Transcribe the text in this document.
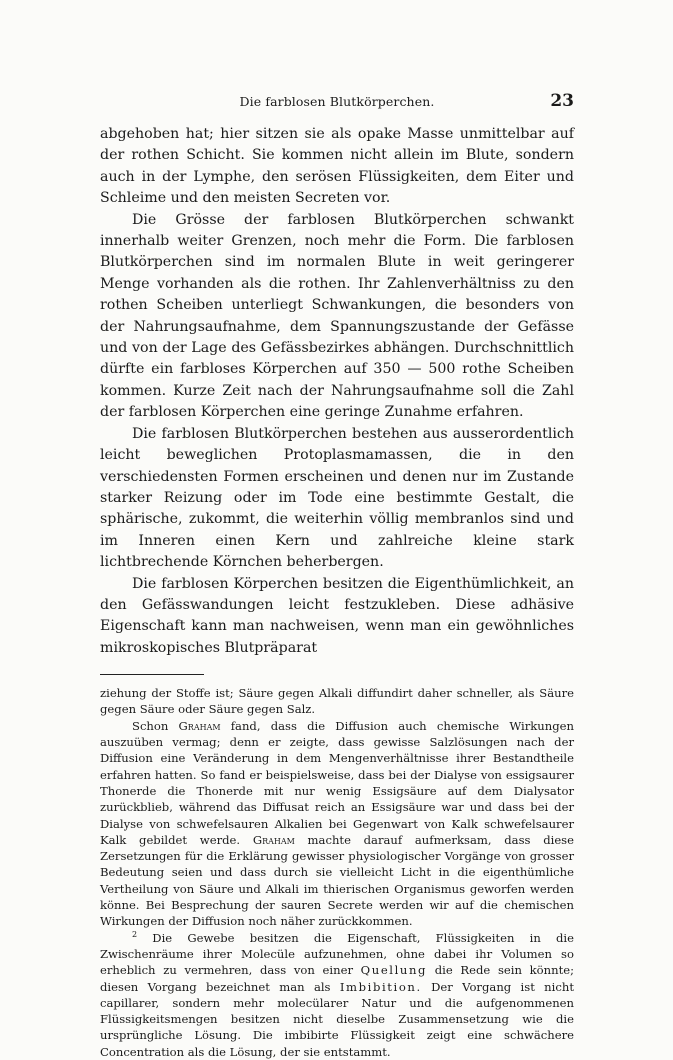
Die farblosen Blutkörperchen.	23

abgehoben hat; hier sitzen sie als opake Masse unmittelbar auf der rothen Schicht. Sie kommen nicht allein im Blute, sondern auch in der Lymphe, den serösen Flüssigkeiten, dem Eiter und Schleime und den meisten Secreten vor.

Die Grösse der farblosen Blutkörperchen schwankt innerhalb weiter Grenzen, noch mehr die Form. Die farblosen Blutkörperchen sind im normalen Blute in weit geringerer Menge vorhanden als die rothen. Ihr Zahlenverhältniss zu den rothen Scheiben unterliegt Schwankungen, die besonders von der Nahrungsaufnahme, dem Spannungszustande der Gefässe und von der Lage des Gefässbezirkes abhängen. Durchschnittlich dürfte ein farbloses Körperchen auf 350 — 500 rothe Scheiben kommen. Kurze Zeit nach der Nahrungsaufnahme soll die Zahl der farblosen Körperchen eine geringe Zunahme erfahren.

Die farblosen Blutkörperchen bestehen aus ausserordentlich leicht beweglichen Protoplasmamassen, die in den verschiedensten Formen erscheinen und denen nur im Zustande starker Reizung oder im Tode eine bestimmte Gestalt, die sphärische, zukommt, die weiterhin völlig membranlos sind und im Inneren einen Kern und zahlreiche kleine stark lichtbrechende Körnchen beherbergen.

Die farblosen Körperchen besitzen die Eigenthümlichkeit, an den Gefässwandungen leicht festzukleben. Diese adhäsive Eigenschaft kann man nachweisen, wenn man ein gewöhnliches mikroskopisches Blutpräparat

ziehung der Stoffe ist; Säure gegen Alkali diffundirt daher schneller, als Säure gegen Säure oder Säure gegen Salz.

Schon Graham fand, dass die Diffusion auch chemische Wirkungen auszuüben vermag; denn er zeigte, dass gewisse Salzlösungen nach der Diffusion eine Veränderung in dem Mengenverhältnisse ihrer Bestandtheile erfahren hatten. So fand er beispielsweise, dass bei der Dialyse von essigsaurer Thonerde die Thonerde mit nur wenig Essigsäure auf dem Dialysator zurückblieb, während das Diffusat reich an Essigsäure war und dass bei der Dialyse von schwefelsauren Alkalien bei Gegenwart von Kalk schwefelsaurer Kalk gebildet werde. Graham machte darauf aufmerksam, dass diese Zersetzungen für die Erklärung gewisser physiologischer Vorgänge von grosser Bedeutung seien und dass durch sie vielleicht Licht in die eigenthümliche Vertheilung von Säure und Alkali im thierischen Organismus geworfen werden könne. Bei Besprechung der sauren Secrete werden wir auf die chemischen Wirkungen der Diffusion noch näher zurückkommen.

$^2$ Die Gewebe besitzen die Eigenschaft, Flüssigkeiten in die Zwischenräume ihrer Molecüle aufzunehmen, ohne dabei ihr Volumen so erheblich zu vermehren, dass von einer Quellung die Rede sein könnte; diesen Vorgang bezeichnet man als Imbibition. Der Vorgang ist nicht capillarer, sondern mehr molecülarer Natur und die aufgenommenen Flüssigkeitsmengen besitzen nicht dieselbe Zusammensetzung wie die ursprüngliche Lösung. Die imbibirte Flüssigkeit zeigt eine schwächere Concentration als die Lösung, der sie entstammt.
